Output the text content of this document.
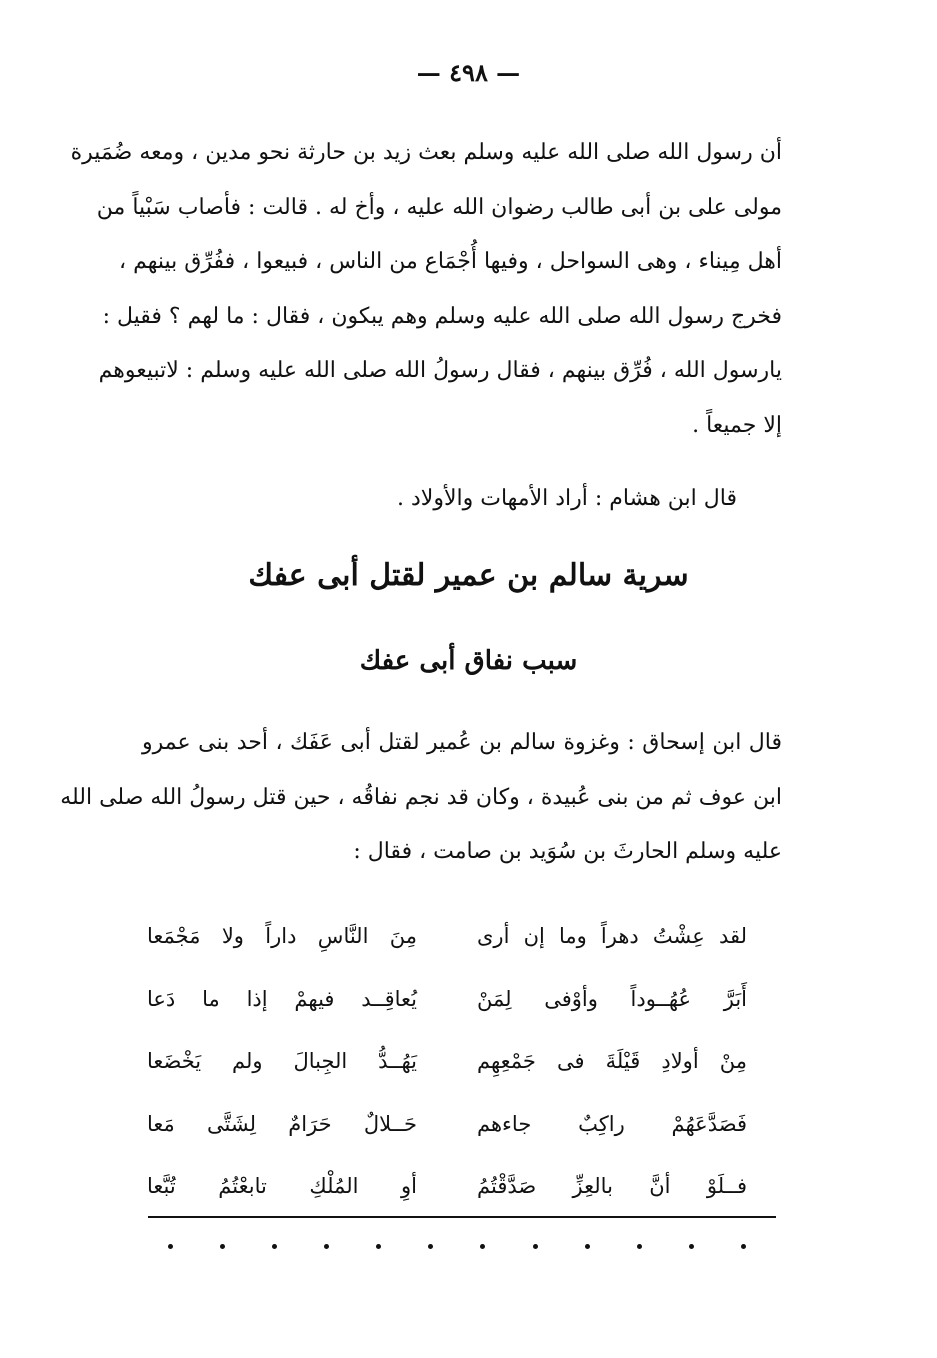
— ٤٩٨ —
أن رسول الله صلى الله عليه وسلم بعث زيد بن حارثة نحو مدين ، ومعه ضُمَيرة
مولى على بن أبى طالب رضوان الله عليه ، وأخ له . قالت : فأصاب سَبْياً من
أهل مِيناء ، وهى السواحل ، وفيها أُجْمَاع من الناس ، فبيعوا ، ففُرِّق بينهم ،
فخرج رسول الله صلى الله عليه وسلم وهم يبكون ، فقال : ما لهم ؟ فقيل :
يارسول الله ، فُرِّق بينهم ، فقال رسولُ الله صلى الله عليه وسلم : لاتبيعوهم
إلا جميعاً .
قال ابن هشام : أراد الأمهات والأولاد .
سرية سالم بن عمير لقتل أبى عفك
سبب نفاق أبى عفك
قال ابن إسحاق : وغزوة سالم بن عُمير لقتل أبى عَفَك ، أحد بنى عمرو
ابن عوف ثم من بنى عُبيدة ، وكان قد نجم نفاقُه ، حين قتل رسولُ الله صلى الله
عليه وسلم الحارثَ بن سُوَيد بن صامت ، فقال :
لقد عِشْتُ دهراً وما إن أرى
مِنَ النَّاسِ داراً ولا مَجْمَعا
أَبَرَّ عُهُــوداً وأوْفى لِمَنْ
يُعاقِــد فيهمْ إذا ما دَعا
مِنْ أولادِ قَيْلَةَ فى جَمْعِهِم
يَهُــدُّ الجِبالَ ولم يَخْضَعا
فَصَدَّعَهُمْ راكِبٌ جاءهم
حَــلالٌ حَرَامٌ لِشَتَّى مَعا
فــلَوْ أنَّ بالعِزِّ صَدَّقْتُمُ
أوِ المُلْكِ تابعْتُمُ تُبَّعا
